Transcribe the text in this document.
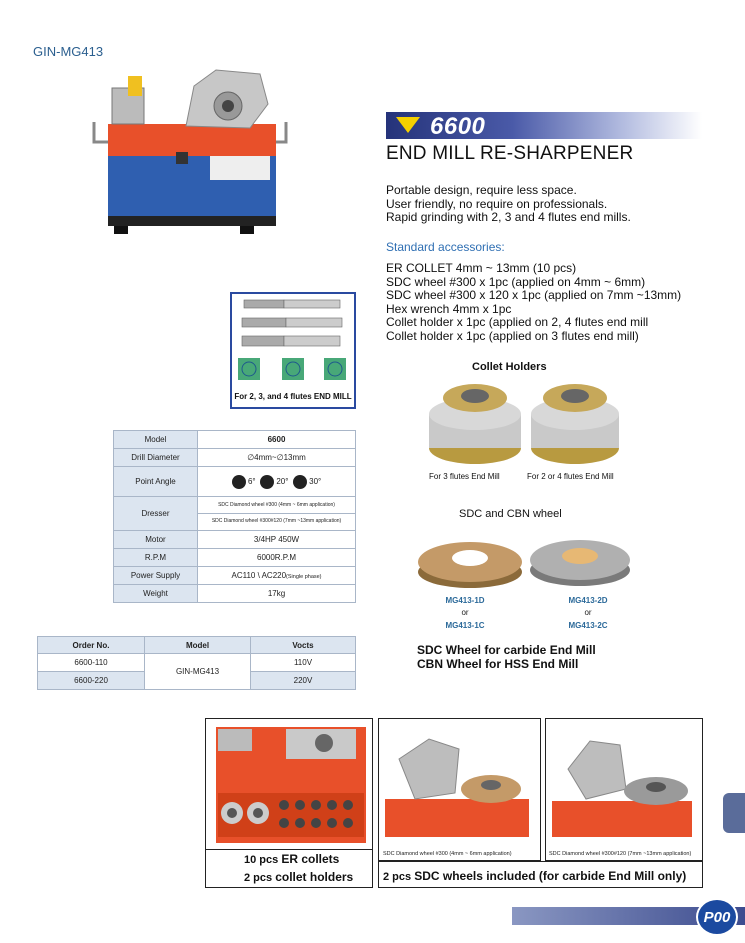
GIN-MG413
6600
END MILL RE-SHARPENER
Portable design, require less space.
User friendly, no require on professionals.
Rapid grinding with 2, 3 and 4 flutes end mills.
Standard accessories:
ER COLLET 4mm ~ 13mm (10 pcs)
SDC wheel #300 x 1pc (applied on 4mm ~ 6mm)
SDC wheel #300 x 120 x 1pc (applied on 7mm ~13mm)
Hex wrench 4mm x 1pc
Collet holder x 1pc (applied on 2, 4 flutes end mill
Collet holder x 1pc (applied on 3 flutes end mill)
For 2, 3, and 4 flutes END MILL
Model	6600
Drill Diameter	∅4mm~∅13mm
Point Angle	6° 20° 30°
Dresser	SDC Diamond wheel #300 (4mm ~ 6mm application)
SDC Diamond wheel #300#120 (7mm ~13mm application)

Motor	3/4HP 450W
R.P.M	6000R.P.M
Power Supply	AC110 \ AC220(Single phase)
Weight	17kg
Order No.	Model	Vocts
6600-110	GIN-MG413	110V
6600-220		220V
Collet Holders
For 3 flutes End Mill	For 2 or 4 flutes End Mill
SDC and CBN wheel
MG413-1D
or
MG413-1C
MG413-2D
or
MG413-2C
SDC Wheel for carbide End Mill
CBN Wheel for HSS End Mill
10 pcs ER collets
2 pcs collet holders
SDC Diamond wheel #300 (4mm ~ 6mm application)	SDC Diamond wheel #300#120 (7mm ~13mm application)
2 pcs SDC wheels included (for carbide End Mill only)
P00
